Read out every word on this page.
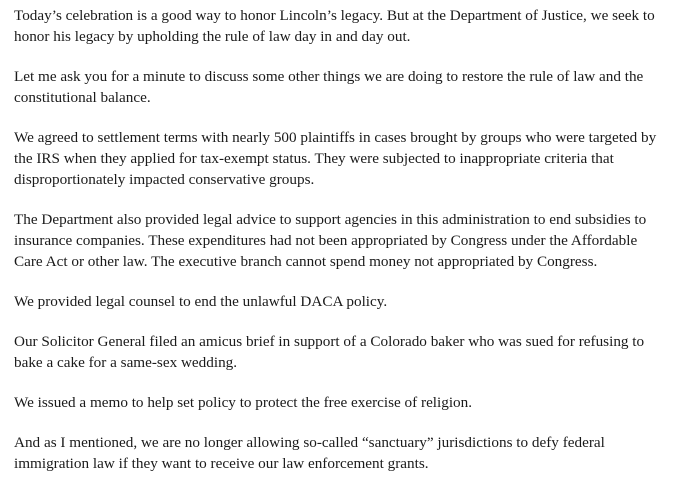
Today’s celebration is a good way to honor Lincoln’s legacy. But at the Department of Justice, we seek to honor his legacy by upholding the rule of law day in and day out.

Let me ask you for a minute to discuss some other things we are doing to restore the rule of law and the constitutional balance.

We agreed to settlement terms with nearly 500 plaintiffs in cases brought by groups who were targeted by the IRS when they applied for tax-exempt status. They were subjected to inappropriate criteria that disproportionately impacted conservative groups.

The Department also provided legal advice to support agencies in this administration to end subsidies to insurance companies. These expenditures had not been appropriated by Congress under the Affordable Care Act or other law. The executive branch cannot spend money not appropriated by Congress.

We provided legal counsel to end the unlawful DACA policy.

Our Solicitor General filed an amicus brief in support of a Colorado baker who was sued for refusing to bake a cake for a same-sex wedding.

We issued a memo to help set policy to protect the free exercise of religion.

And as I mentioned, we are no longer allowing so-called “sanctuary” jurisdictions to defy federal immigration law if they want to receive our law enforcement grants.
